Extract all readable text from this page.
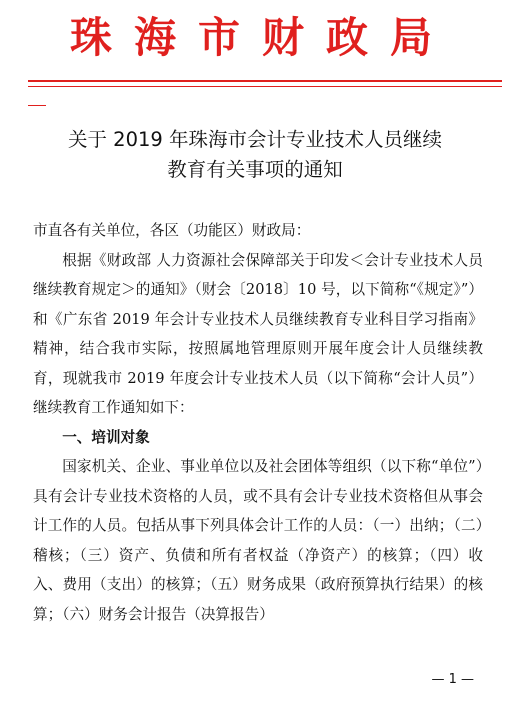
珠海市财政局
关于 2019 年珠海市会计专业技术人员继续
教育有关事项的通知

市直各有关单位，各区（功能区）财政局：

根据《财政部 人力资源社会保障部关于印发＜会计专业技术人员继续教育规定＞的通知》（财会〔2018〕10 号，以下简称“《规定》”）和《广东省 2019 年会计专业技术人员继续教育专业科目学习指南》精神，结合我市实际，按照属地管理原则开展年度会计人员继续教育，现就我市 2019 年度会计专业技术人员（以下简称“会计人员”）继续教育工作通知如下：

一、培训对象

国家机关、企业、事业单位以及社会团体等组织（以下称“单位”）具有会计专业技术资格的人员，或不具有会计专业技术资格但从事会计工作的人员。包括从事下列具体会计工作的人员：（一）出纳；（二）稽核；（三）资产、负债和所有者权益（净资产）的核算；（四）收入、费用（支出）的核算；（五）财务成果（政府预算执行结果）的核算；（六）财务会计报告（决算报告）

— 1 —
